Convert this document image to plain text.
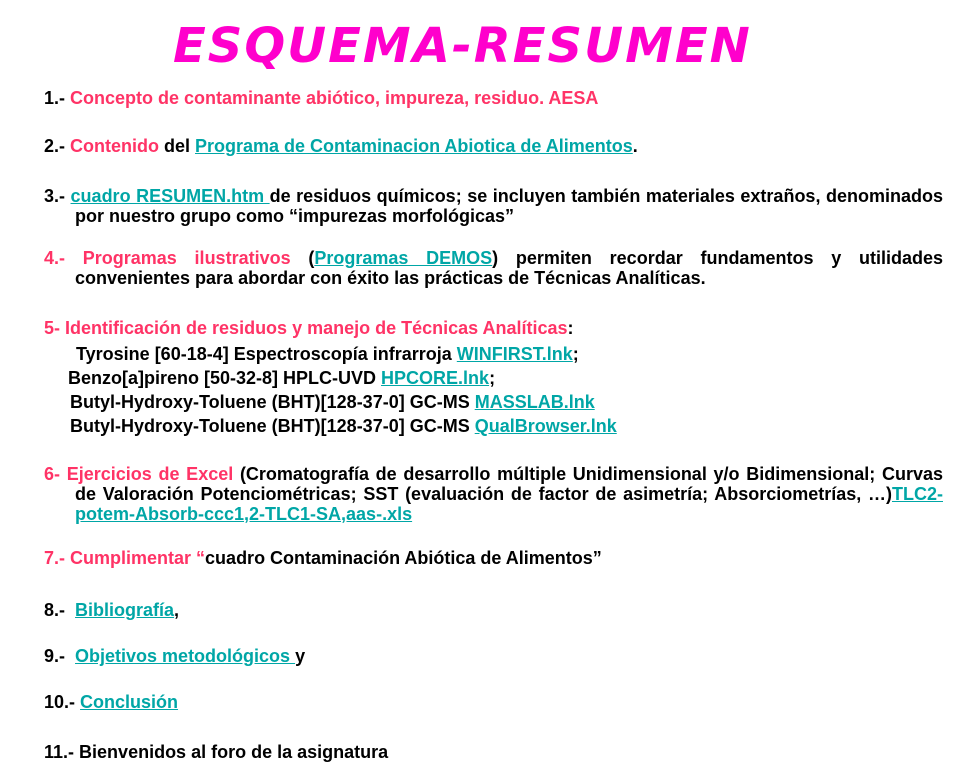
ESQUEMA-RESUMEN

1.- Concepto de contaminante abiótico, impureza, residuo. AESA

2.- Contenido del Programa de Contaminacion Abiotica de Alimentos.

3.- cuadro RESUMEN.htm de residuos químicos; se incluyen también materiales extraños, denominados por nuestro grupo como “impurezas morfológicas”

4.- Programas ilustrativos (Programas DEMOS) permiten recordar fundamentos y utilidades convenientes para abordar con éxito las prácticas de Técnicas Analíticas.

5- Identificación de residuos y manejo de Técnicas Analíticas:

Tyrosine [60-18-4] Espectroscopía infrarroja WINFIRST.lnk;

Benzo[a]pireno [50-32-8] HPLC-UVD HPCORE.lnk;

Butyl-Hydroxy-Toluene (BHT)[128-37-0] GC-MS MASSLAB.lnk

Butyl-Hydroxy-Toluene (BHT)[128-37-0] GC-MS QualBrowser.lnk

6- Ejercicios de Excel (Cromatografía de desarrollo múltiple Unidimensional y/o Bidimensional; Curvas de Valoración Potenciométricas; SST (evaluación de factor de asimetría; Absorciometrías, …)TLC2-potem-Absorb-ccc1,2-TLC1-SA,aas-.xls

7.- Cumplimentar “cuadro Contaminación Abiótica de Alimentos”

8.- Bibliografía,

9.- Objetivos metodológicos y

10.- Conclusión

11.- Bienvenidos al foro de la asignatura
